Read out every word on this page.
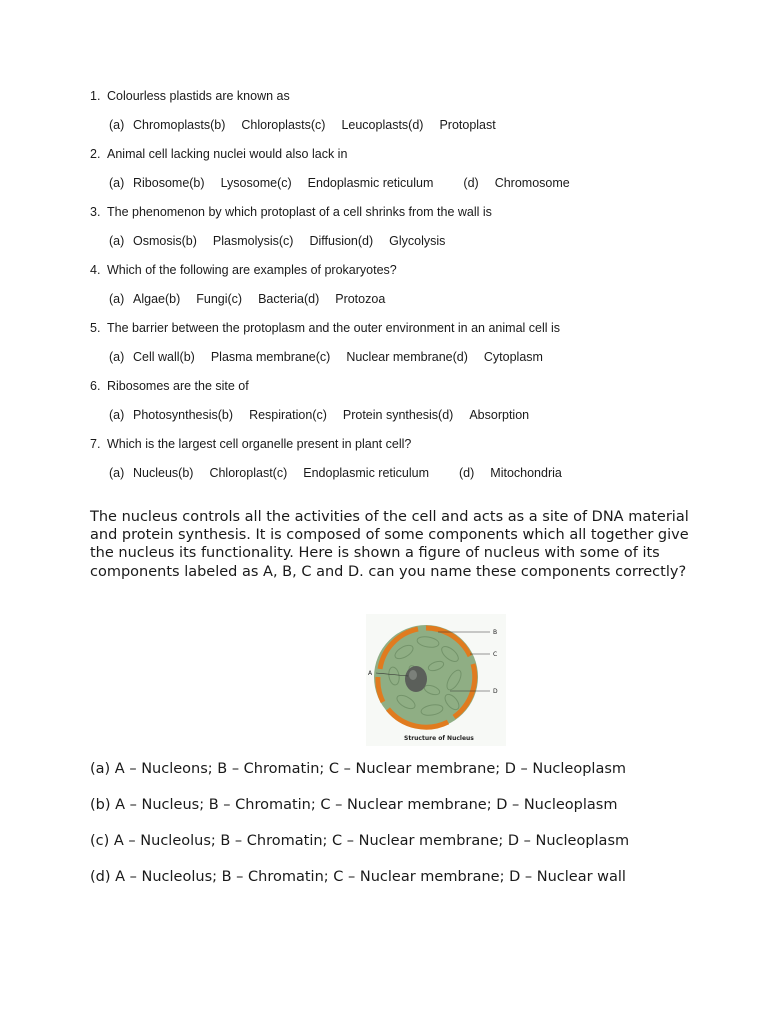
1. Colourless plastids are known as
(a) Chromoplasts(b) Chloroplasts(c) Leucoplasts(d) Protoplast
2. Animal cell lacking nuclei would also lack in
(a) Ribosome(b) Lysosome(c) Endoplasmic reticulum (d) Chromosome
3. The phenomenon by which protoplast of a cell shrinks from the wall is
(a) Osmosis(b) Plasmolysis(c) Diffusion(d) Glycolysis
4. Which of the following are examples of prokaryotes?
(a) Algae(b) Fungi(c) Bacteria(d) Protozoa
5. The barrier between the protoplasm and the outer environment in an animal cell is
(a) Cell wall(b) Plasma membrane(c) Nuclear membrane(d) Cytoplasm
6. Ribosomes are the site of
(a) Photosynthesis(b) Respiration(c) Protein synthesis(d) Absorption
7. Which is the largest cell organelle present in plant cell?
(a) Nucleus(b) Chloroplast(c) Endoplasmic reticulum (d) Mitochondria
The nucleus controls all the activities of the cell and acts as a site of DNA material and protein synthesis. It is composed of some components which all together give the nucleus its functionality. Here is shown a figure of nucleus with some of its components labeled as A, B, C and D. can you name these components correctly?
A
B
C
D
Structure of Nucleus
(a) A – Nucleons; B – Chromatin; C – Nuclear membrane; D – Nucleoplasm
(b) A – Nucleus; B – Chromatin; C – Nuclear membrane; D – Nucleoplasm
(c) A – Nucleolus; B – Chromatin; C – Nuclear membrane; D – Nucleoplasm
(d) A – Nucleolus; B – Chromatin; C – Nuclear membrane; D – Nuclear wall
